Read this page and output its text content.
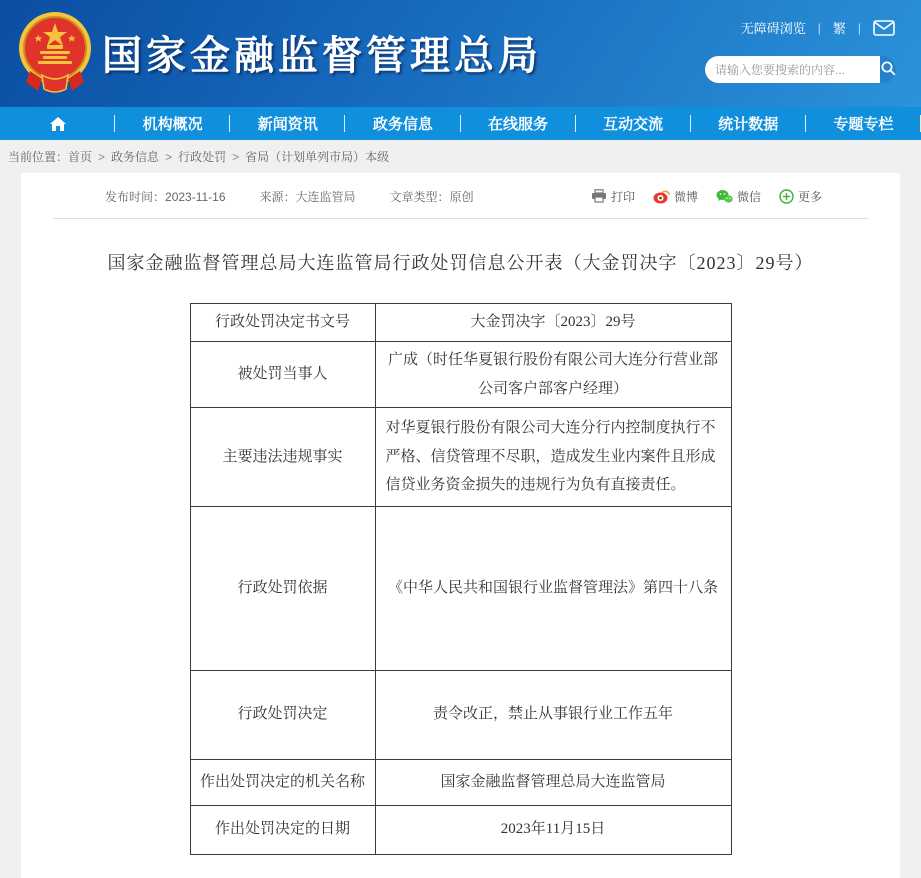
国家金融监督管理总局
无障碍浏览 | 繁 |
请输入您要搜索的内容...
机构概况	新闻资讯	政务信息	在线服务	互动交流	统计数据	专题专栏
当前位置： 首页 > 政务信息 > 行政处罚 > 省局（计划单列市局）本级
发布时间：2023-11-16	来源：大连监管局	文章类型：原创	打印	微博	微信	更多
国家金融监督管理总局大连监管局行政处罚信息公开表（大金罚决字〔2023〕29号）
行政处罚决定书文号	大金罚决字〔2023〕29号
被处罚当事人	广成（时任华夏银行股份有限公司大连分行营业部公司客户部客户经理）
主要违法违规事实	对华夏银行股份有限公司大连分行内控制度执行不严格、信贷管理不尽职，造成发生业内案件且形成信贷业务资金损失的违规行为负有直接责任。
行政处罚依据	《中华人民共和国银行业监督管理法》第四十八条
行政处罚决定	责令改正，禁止从事银行业工作五年
作出处罚决定的机关名称	国家金融监督管理总局大连监管局
作出处罚决定的日期	2023年11月15日
